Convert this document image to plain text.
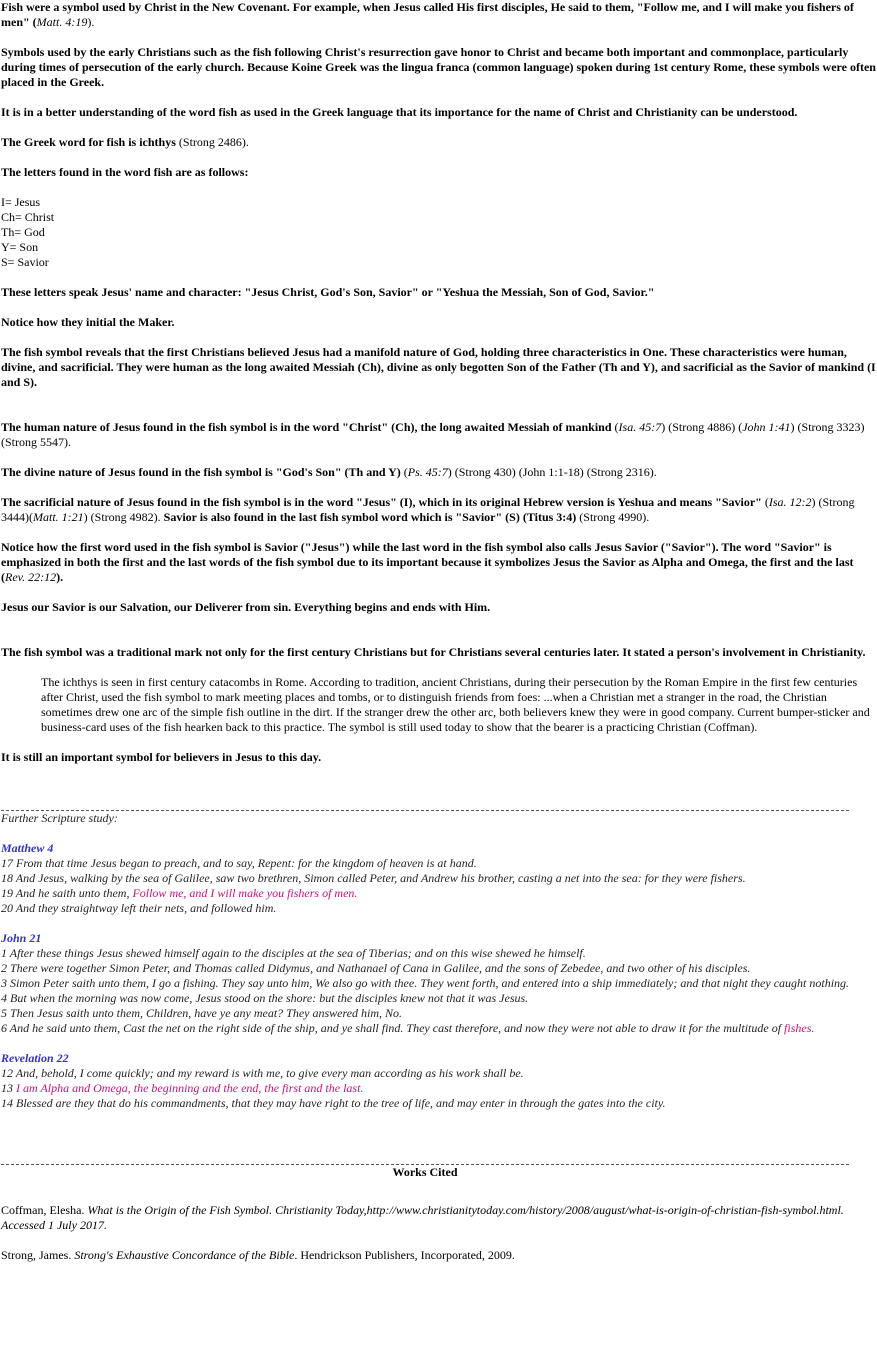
Fish were a symbol used by Christ in the New Covenant. For example, when Jesus called His first disciples, He said to them, "Follow me, and I will make you fishers of men" (Matt. 4:19).

Symbols used by the early Christians such as the fish following Christ's resurrection gave honor to Christ and became both important and commonplace, particularly during times of persecution of the early church. Because Koine Greek was the lingua franca (common language) spoken during 1st century Rome, these symbols were often placed in the Greek.

It is in a better understanding of the word fish as used in the Greek language that its importance for the name of Christ and Christianity can be understood.

The Greek word for fish is ichthys (Strong 2486).

The letters found in the word fish are as follows:

I= Jesus
Ch= Christ
Th= God
Y= Son
S= Savior

These letters speak Jesus' name and character: "Jesus Christ, God's Son, Savior" or "Yeshua the Messiah, Son of God, Savior."

Notice how they initial the Maker.

The fish symbol reveals that the first Christians believed Jesus had a manifold nature of God, holding three characteristics in One. These characteristics were human, divine, and sacrificial. They were human as the long awaited Messiah (Ch), divine as only begotten Son of the Father (Th and Y), and sacrificial as the Savior of mankind (I and S).

The human nature of Jesus found in the fish symbol is in the word "Christ" (Ch), the long awaited Messiah of mankind (Isa. 45:7) (Strong 4886) (John 1:41) (Strong 3323) (Strong 5547).

The divine nature of Jesus found in the fish symbol is "God's Son" (Th and Y) (Ps. 45:7) (Strong 430) (John 1:1-18) (Strong 2316).

The sacrificial nature of Jesus found in the fish symbol is in the word "Jesus" (I), which in its original Hebrew version is Yeshua and means "Savior" (Isa. 12:2) (Strong 3444)(Matt. 1:21) (Strong 4982). Savior is also found in the last fish symbol word which is "Savior" (S) (Titus 3:4) (Strong 4990).

Notice how the first word used in the fish symbol is Savior ("Jesus") while the last word in the fish symbol also calls Jesus Savior ("Savior"). The word "Savior" is emphasized in both the first and the last words of the fish symbol due to its important because it symbolizes Jesus the Savior as Alpha and Omega, the first and the last (Rev. 22:12).

Jesus our Savior is our Salvation, our Deliverer from sin. Everything begins and ends with Him.

The fish symbol was a traditional mark not only for the first century Christians but for Christians several centuries later. It stated a person's involvement in Christianity.

The ichthys is seen in first century catacombs in Rome. According to tradition, ancient Christians, during their persecution by the Roman Empire in the first few centuries after Christ, used the fish symbol to mark meeting places and tombs, or to distinguish friends from foes: ...when a Christian met a stranger in the road, the Christian sometimes drew one arc of the simple fish outline in the dirt. If the stranger drew the other arc, both believers knew they were in good company. Current bumper-sticker and business-card uses of the fish hearken back to this practice. The symbol is still used today to show that the bearer is a practicing Christian (Coffman).

It is still an important symbol for believers in Jesus to this day.

Further Scripture study:

Matthew 4
17 From that time Jesus began to preach, and to say, Repent: for the kingdom of heaven is at hand.
18 And Jesus, walking by the sea of Galilee, saw two brethren, Simon called Peter, and Andrew his brother, casting a net into the sea: for they were fishers.
19 And he saith unto them, Follow me, and I will make you fishers of men.
20 And they straightway left their nets, and followed him.

John 21
1 After these things Jesus shewed himself again to the disciples at the sea of Tiberias; and on this wise shewed he himself.
2 There were together Simon Peter, and Thomas called Didymus, and Nathanael of Cana in Galilee, and the sons of Zebedee, and two other of his disciples.
3 Simon Peter saith unto them, I go a fishing. They say unto him, We also go with thee. They went forth, and entered into a ship immediately; and that night they caught nothing.
4 But when the morning was now come, Jesus stood on the shore: but the disciples knew not that it was Jesus.
5 Then Jesus saith unto them, Children, have ye any meat? They answered him, No.
6 And he said unto them, Cast the net on the right side of the ship, and ye shall find. They cast therefore, and now they were not able to draw it for the multitude of fishes.

Revelation 22
12 And, behold, I come quickly; and my reward is with me, to give every man according as his work shall be.
13 I am Alpha and Omega, the beginning and the end, the first and the last.
14 Blessed are they that do his commandments, that they may have right to the tree of life, and may enter in through the gates into the city.

Works Cited

Coffman, Elesha. What is the Origin of the Fish Symbol. Christianity Today,http://www.christianitytoday.com/history/2008/august/what-is-origin-of-christian-fish-symbol.html. Accessed 1 July 2017.

Strong, James. Strong's Exhaustive Concordance of the Bible. Hendrickson Publishers, Incorporated, 2009.
